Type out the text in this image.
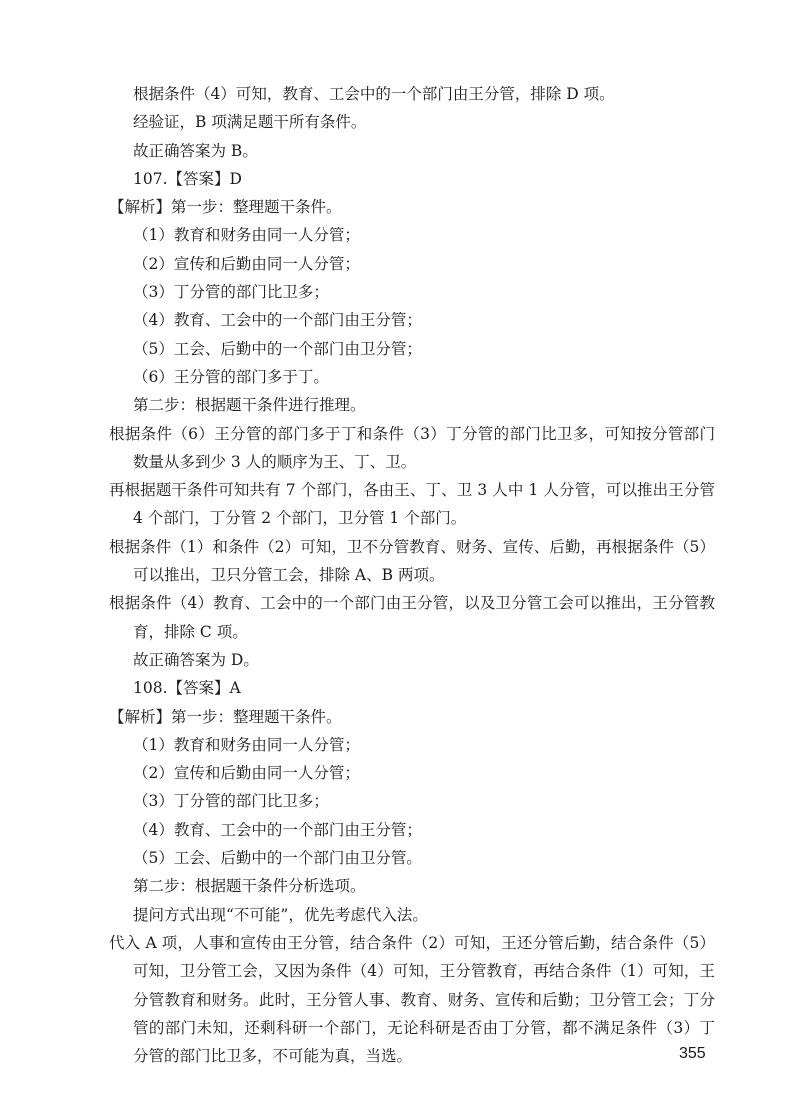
根据条件（4）可知，教育、工会中的一个部门由王分管，排除 D 项。

经验证，B 项满足题干所有条件。

故正确答案为 B。

107.【答案】D

【解析】第一步：整理题干条件。

（1）教育和财务由同一人分管；

（2）宣传和后勤由同一人分管；

（3）丁分管的部门比卫多；

（4）教育、工会中的一个部门由王分管；

（5）工会、后勤中的一个部门由卫分管；

（6）王分管的部门多于丁。

第二步：根据题干条件进行推理。

根据条件（6）王分管的部门多于丁和条件（3）丁分管的部门比卫多，可知按分管部门数量从多到少 3 人的顺序为王、丁、卫。

再根据题干条件可知共有 7 个部门，各由王、丁、卫 3 人中 1 人分管，可以推出王分管 4 个部门，丁分管 2 个部门，卫分管 1 个部门。

根据条件（1）和条件（2）可知，卫不分管教育、财务、宣传、后勤，再根据条件（5）可以推出，卫只分管工会，排除 A、B 两项。

根据条件（4）教育、工会中的一个部门由王分管，以及卫分管工会可以推出，王分管教育，排除 C 项。

故正确答案为 D。

108.【答案】A

【解析】第一步：整理题干条件。

（1）教育和财务由同一人分管；

（2）宣传和后勤由同一人分管；

（3）丁分管的部门比卫多；

（4）教育、工会中的一个部门由王分管；

（5）工会、后勤中的一个部门由卫分管。

第二步：根据题干条件分析选项。

提问方式出现“不可能”，优先考虑代入法。

代入 A 项，人事和宣传由王分管，结合条件（2）可知，王还分管后勤，结合条件（5）可知，卫分管工会，又因为条件（4）可知，王分管教育，再结合条件（1）可知，王分管教育和财务。此时，王分管人事、教育、财务、宣传和后勤；卫分管工会；丁分管的部门未知，还剩科研一个部门，无论科研是否由丁分管，都不满足条件（3）丁分管的部门比卫多，不可能为真，当选。	355
